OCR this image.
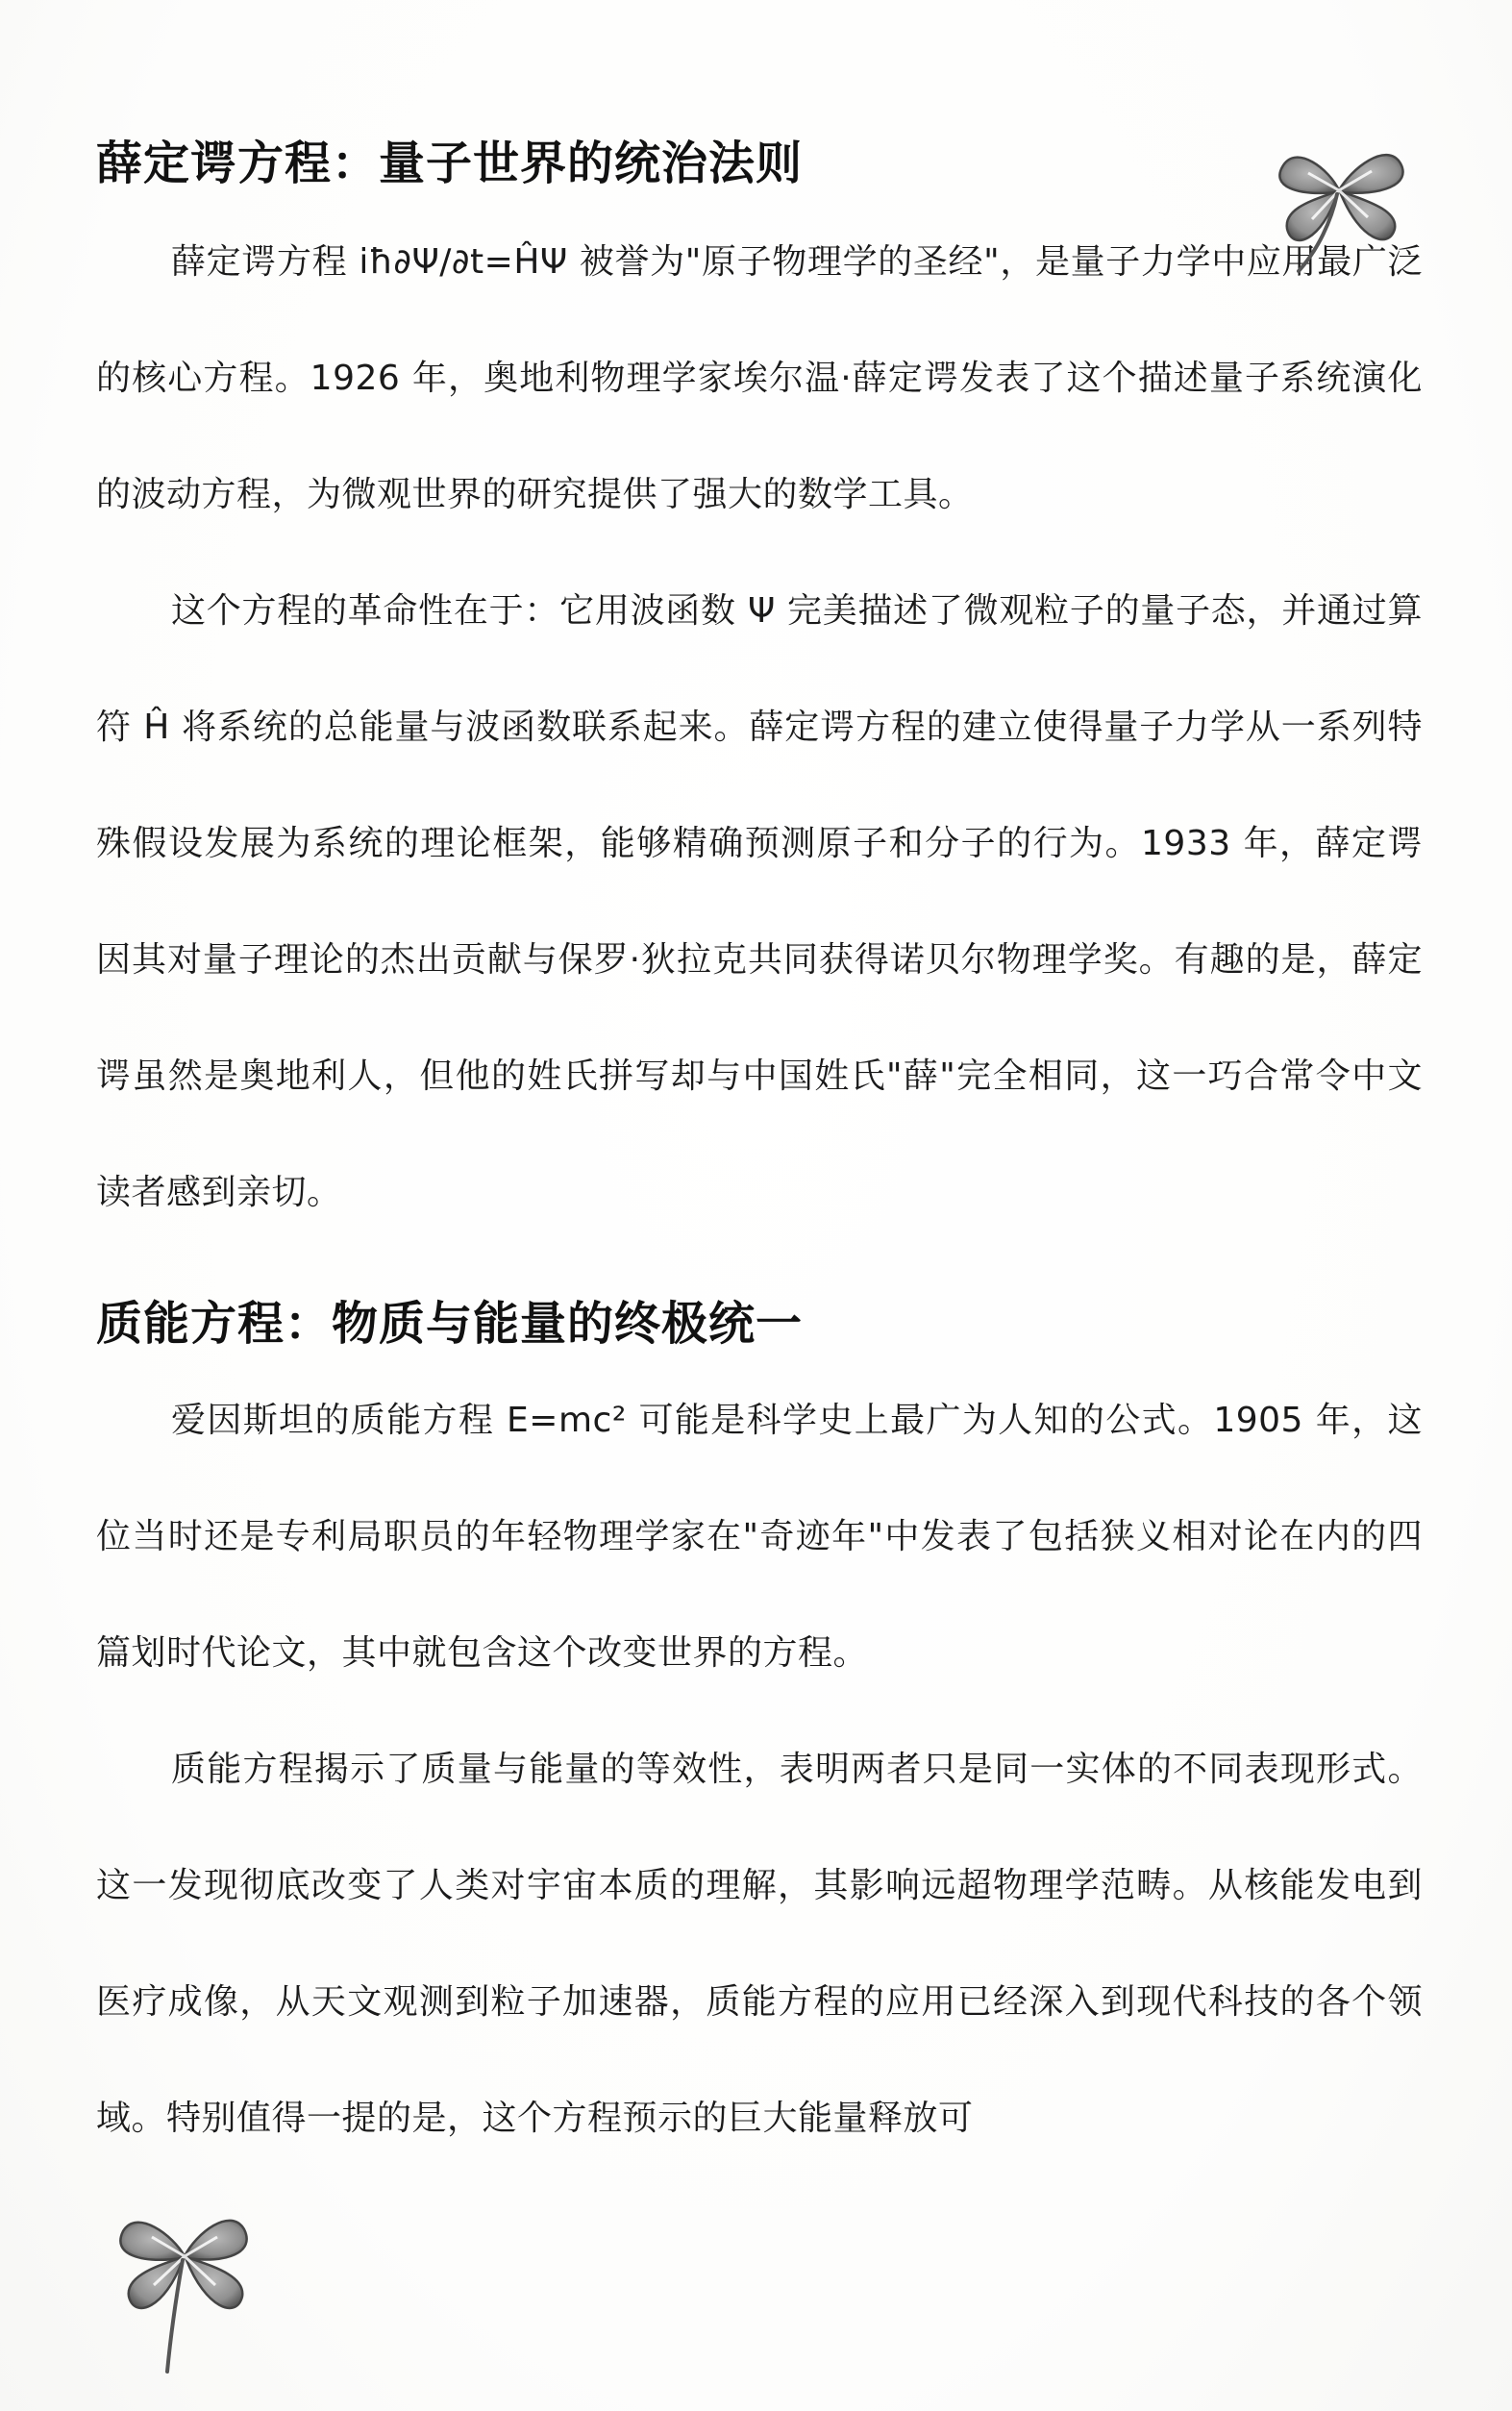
薛定谔方程：量子世界的统治法则

薛定谔方程 iħ∂Ψ/∂t=ĤΨ 被誉为"原子物理学的圣经"，是量子力学中应用最广泛的核心方程。1926 年，奥地利物理学家埃尔温·薛定谔发表了这个描述量子系统演化的波动方程，为微观世界的研究提供了强大的数学工具。

这个方程的革命性在于：它用波函数 Ψ 完美描述了微观粒子的量子态，并通过算符 Ĥ 将系统的总能量与波函数联系起来。薛定谔方程的建立使得量子力学从一系列特殊假设发展为系统的理论框架，能够精确预测原子和分子的行为。1933 年，薛定谔因其对量子理论的杰出贡献与保罗·狄拉克共同获得诺贝尔物理学奖。有趣的是，薛定谔虽然是奥地利人，但他的姓氏拼写却与中国姓氏"薛"完全相同，这一巧合常令中文读者感到亲切。

质能方程：物质与能量的终极统一

爱因斯坦的质能方程 E=mc² 可能是科学史上最广为人知的公式。1905 年，这位当时还是专利局职员的年轻物理学家在"奇迹年"中发表了包括狭义相对论在内的四篇划时代论文，其中就包含这个改变世界的方程。

质能方程揭示了质量与能量的等效性，表明两者只是同一实体的不同表现形式。这一发现彻底改变了人类对宇宙本质的理解，其影响远超物理学范畴。从核能发电到医疗成像，从天文观测到粒子加速器，质能方程的应用已经深入到现代科技的各个领域。特别值得一提的是，这个方程预示的巨大能量释放可
